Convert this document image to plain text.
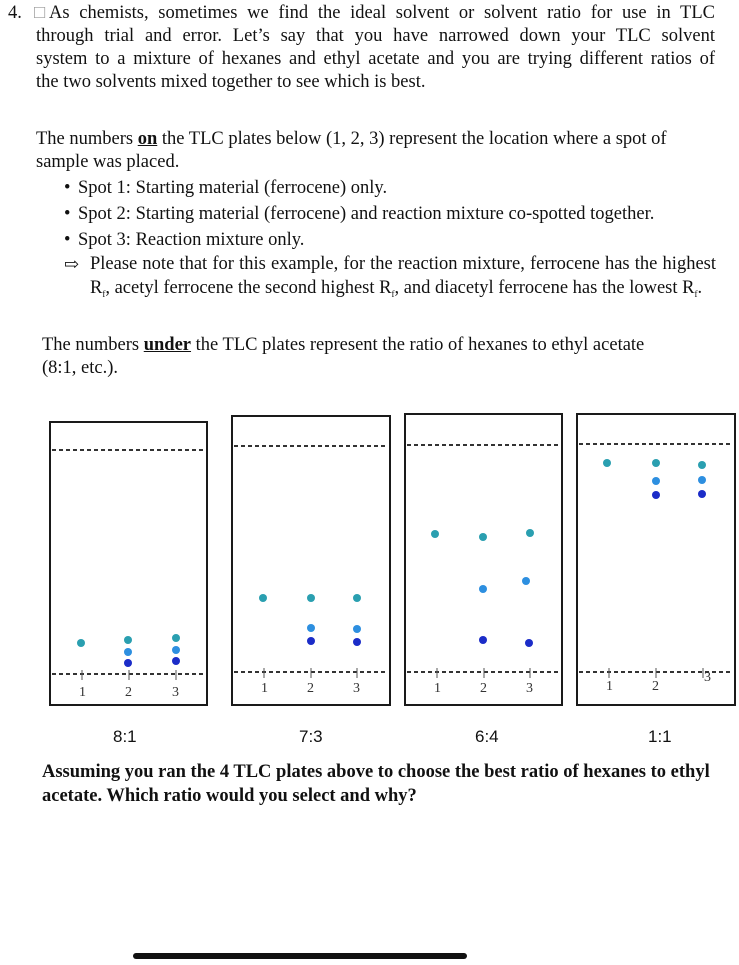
4. □ As chemists, sometimes we find the ideal solvent or solvent ratio for use in TLC
through trial and error. Let’s say that you have narrowed down your TLC solvent
system to a mixture of hexanes and ethyl acetate and you are trying different ratios of
the two solvents mixed together to see which is best.
The numbers on the TLC plates below (1, 2, 3) represent the location where a spot of
sample was placed.
• Spot 1: Starting material (ferrocene) only.
• Spot 2: Starting material (ferrocene) and reaction mixture co-spotted together.
• Spot 3: Reaction mixture only.
⇨ Please note that for this example, for the reaction mixture, ferrocene has the highest $R_f$, acetyl ferrocene the second highest $R_f$, and diacetyl ferrocene has the lowest $R_f$.
The numbers under the TLC plates represent the ratio of hexanes to ethyl acetate
(8:1, etc.).
1	2	3	1	2	3	1	2	3	1	2
3
8:1	7:3	6:4	1:1
Assuming you ran the 4 TLC plates above to choose the best ratio of hexanes to ethyl acetate. Which ratio would you select and why?
